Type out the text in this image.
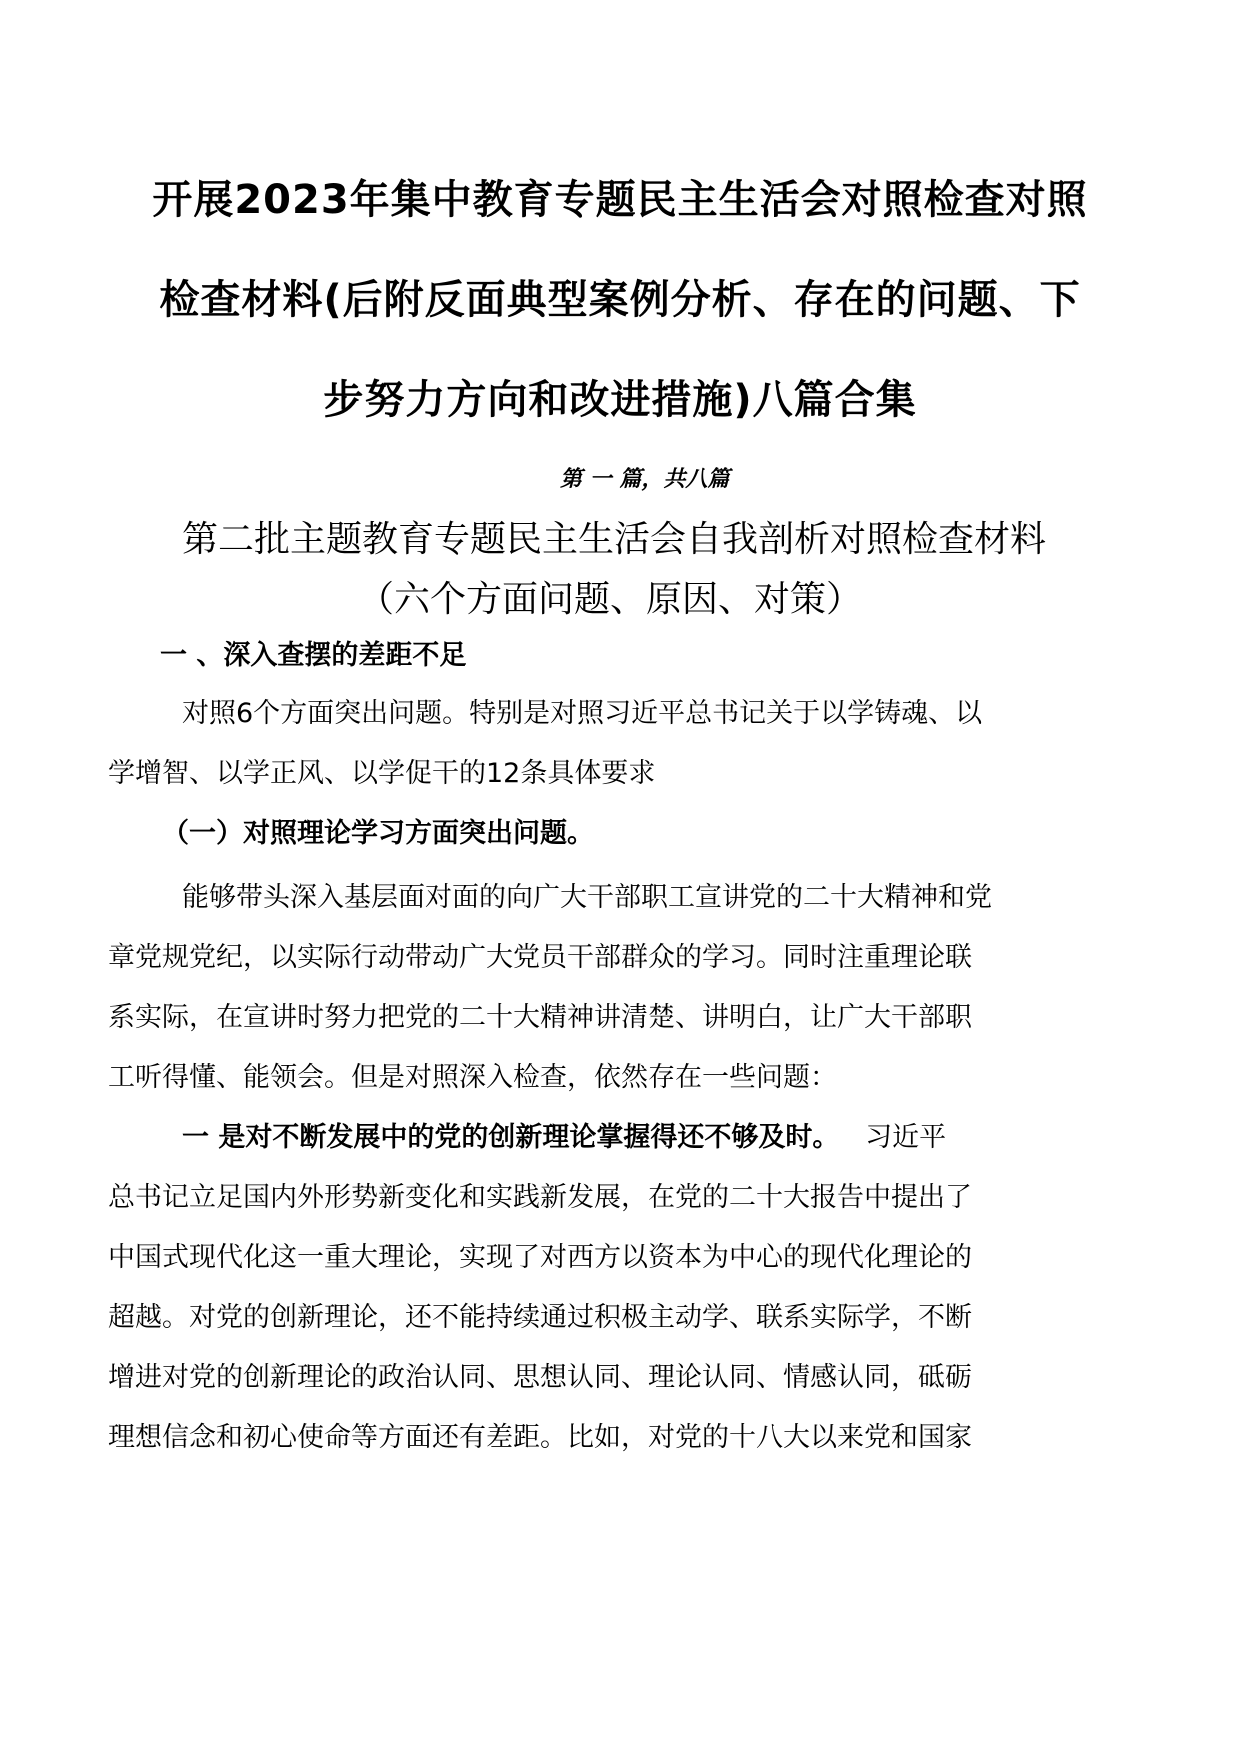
开展2023年集中教育专题民主生活会对照检查对照
检查材料(后附反面典型案例分析、存在的问题、下
步努力方向和改进措施)八篇合集
第 一 篇，共八篇
第二批主题教育专题民主生活会自我剖析对照检查材料
（六个方面问题、原因、对策）
一 、深入查摆的差距不足
对照6个方面突出问题。特别是对照习近平总书记关于以学铸魂、以
学增智、以学正风、以学促干的12条具体要求
（一）对照理论学习方面突出问题。
能够带头深入基层面对面的向广大干部职工宣讲党的二十大精神和党
章党规党纪，以实际行动带动广大党员干部群众的学习。同时注重理论联
系实际，在宣讲时努力把党的二十大精神讲清楚、讲明白，让广大干部职
工听得懂、能领会。但是对照深入检查，依然存在一些问题：
一 是对不断发展中的党的创新理论掌握得还不够及时。   习近平
总书记立足国内外形势新变化和实践新发展，在党的二十大报告中提出了
中国式现代化这一重大理论，实现了对西方以资本为中心的现代化理论的
超越。对党的创新理论，还不能持续通过积极主动学、联系实际学，不断
增进对党的创新理论的政治认同、思想认同、理论认同、情感认同，砥砺
理想信念和初心使命等方面还有差距。比如，对党的十八大以来党和国家
